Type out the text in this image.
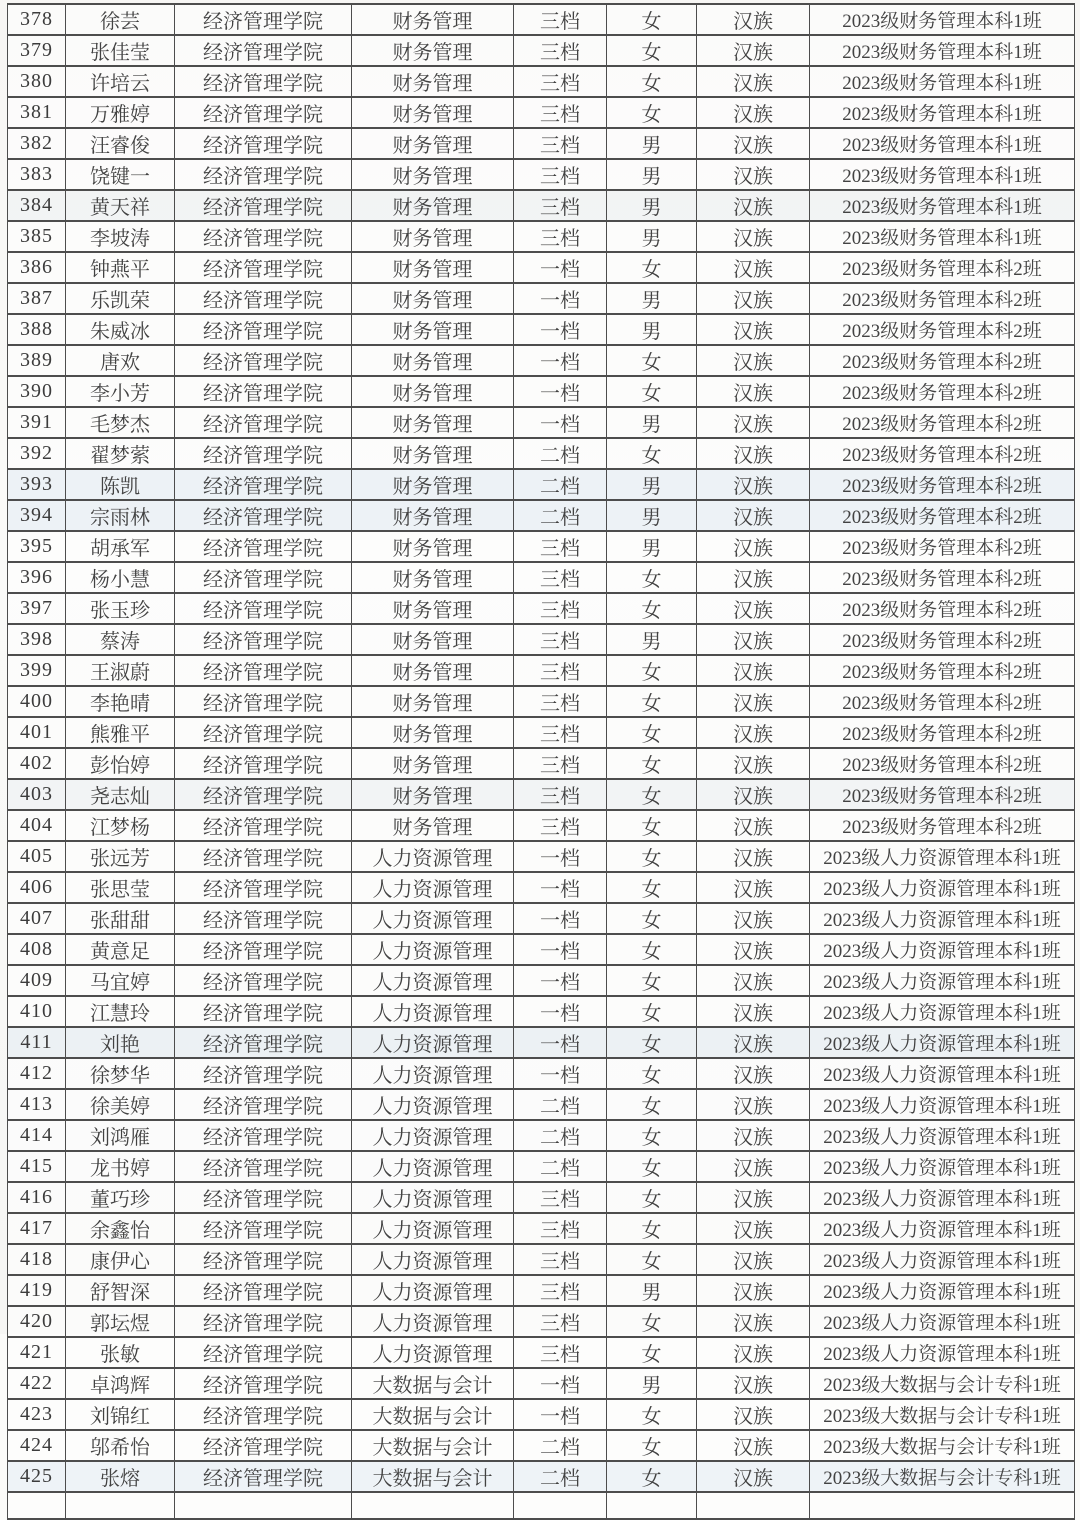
378	徐芸	经济管理学院	财务管理	三档	女	汉族	2023级财务管理本科1班
379	张佳莹	经济管理学院	财务管理	三档	女	汉族	2023级财务管理本科1班
380	许培云	经济管理学院	财务管理	三档	女	汉族	2023级财务管理本科1班
381	万雅婷	经济管理学院	财务管理	三档	女	汉族	2023级财务管理本科1班
382	汪睿俊	经济管理学院	财务管理	三档	男	汉族	2023级财务管理本科1班
383	饶键一	经济管理学院	财务管理	三档	男	汉族	2023级财务管理本科1班
384	黄天祥	经济管理学院	财务管理	三档	男	汉族	2023级财务管理本科1班
385	李坡涛	经济管理学院	财务管理	三档	男	汉族	2023级财务管理本科1班
386	钟燕平	经济管理学院	财务管理	一档	女	汉族	2023级财务管理本科2班
387	乐凯荣	经济管理学院	财务管理	一档	男	汉族	2023级财务管理本科2班
388	朱威冰	经济管理学院	财务管理	一档	男	汉族	2023级财务管理本科2班
389	唐欢	经济管理学院	财务管理	一档	女	汉族	2023级财务管理本科2班
390	李小芳	经济管理学院	财务管理	一档	女	汉族	2023级财务管理本科2班
391	毛梦杰	经济管理学院	财务管理	一档	男	汉族	2023级财务管理本科2班
392	翟梦萦	经济管理学院	财务管理	二档	女	汉族	2023级财务管理本科2班
393	陈凯	经济管理学院	财务管理	二档	男	汉族	2023级财务管理本科2班
394	宗雨林	经济管理学院	财务管理	二档	男	汉族	2023级财务管理本科2班
395	胡承军	经济管理学院	财务管理	三档	男	汉族	2023级财务管理本科2班
396	杨小慧	经济管理学院	财务管理	三档	女	汉族	2023级财务管理本科2班
397	张玉珍	经济管理学院	财务管理	三档	女	汉族	2023级财务管理本科2班
398	蔡涛	经济管理学院	财务管理	三档	男	汉族	2023级财务管理本科2班
399	王淑蔚	经济管理学院	财务管理	三档	女	汉族	2023级财务管理本科2班
400	李艳晴	经济管理学院	财务管理	三档	女	汉族	2023级财务管理本科2班
401	熊雅平	经济管理学院	财务管理	三档	女	汉族	2023级财务管理本科2班
402	彭怡婷	经济管理学院	财务管理	三档	女	汉族	2023级财务管理本科2班
403	尧志灿	经济管理学院	财务管理	三档	女	汉族	2023级财务管理本科2班
404	江梦杨	经济管理学院	财务管理	三档	女	汉族	2023级财务管理本科2班
405	张远芳	经济管理学院	人力资源管理	一档	女	汉族	2023级人力资源管理本科1班
406	张思莹	经济管理学院	人力资源管理	一档	女	汉族	2023级人力资源管理本科1班
407	张甜甜	经济管理学院	人力资源管理	一档	女	汉族	2023级人力资源管理本科1班
408	黄意足	经济管理学院	人力资源管理	一档	女	汉族	2023级人力资源管理本科1班
409	马宜婷	经济管理学院	人力资源管理	一档	女	汉族	2023级人力资源管理本科1班
410	江慧玲	经济管理学院	人力资源管理	一档	女	汉族	2023级人力资源管理本科1班
411	刘艳	经济管理学院	人力资源管理	一档	女	汉族	2023级人力资源管理本科1班
412	徐梦华	经济管理学院	人力资源管理	一档	女	汉族	2023级人力资源管理本科1班
413	徐美婷	经济管理学院	人力资源管理	二档	女	汉族	2023级人力资源管理本科1班
414	刘鸿雁	经济管理学院	人力资源管理	二档	女	汉族	2023级人力资源管理本科1班
415	龙书婷	经济管理学院	人力资源管理	二档	女	汉族	2023级人力资源管理本科1班
416	董巧珍	经济管理学院	人力资源管理	三档	女	汉族	2023级人力资源管理本科1班
417	余鑫怡	经济管理学院	人力资源管理	三档	女	汉族	2023级人力资源管理本科1班
418	康伊心	经济管理学院	人力资源管理	三档	女	汉族	2023级人力资源管理本科1班
419	舒智深	经济管理学院	人力资源管理	三档	男	汉族	2023级人力资源管理本科1班
420	郭坛煜	经济管理学院	人力资源管理	三档	女	汉族	2023级人力资源管理本科1班
421	张敏	经济管理学院	人力资源管理	三档	女	汉族	2023级人力资源管理本科1班
422	卓鸿辉	经济管理学院	大数据与会计	一档	男	汉族	2023级大数据与会计专科1班
423	刘锦红	经济管理学院	大数据与会计	一档	女	汉族	2023级大数据与会计专科1班
424	邬希怡	经济管理学院	大数据与会计	二档	女	汉族	2023级大数据与会计专科1班
425	张熔	经济管理学院	大数据与会计	二档	女	汉族	2023级大数据与会计专科1班
